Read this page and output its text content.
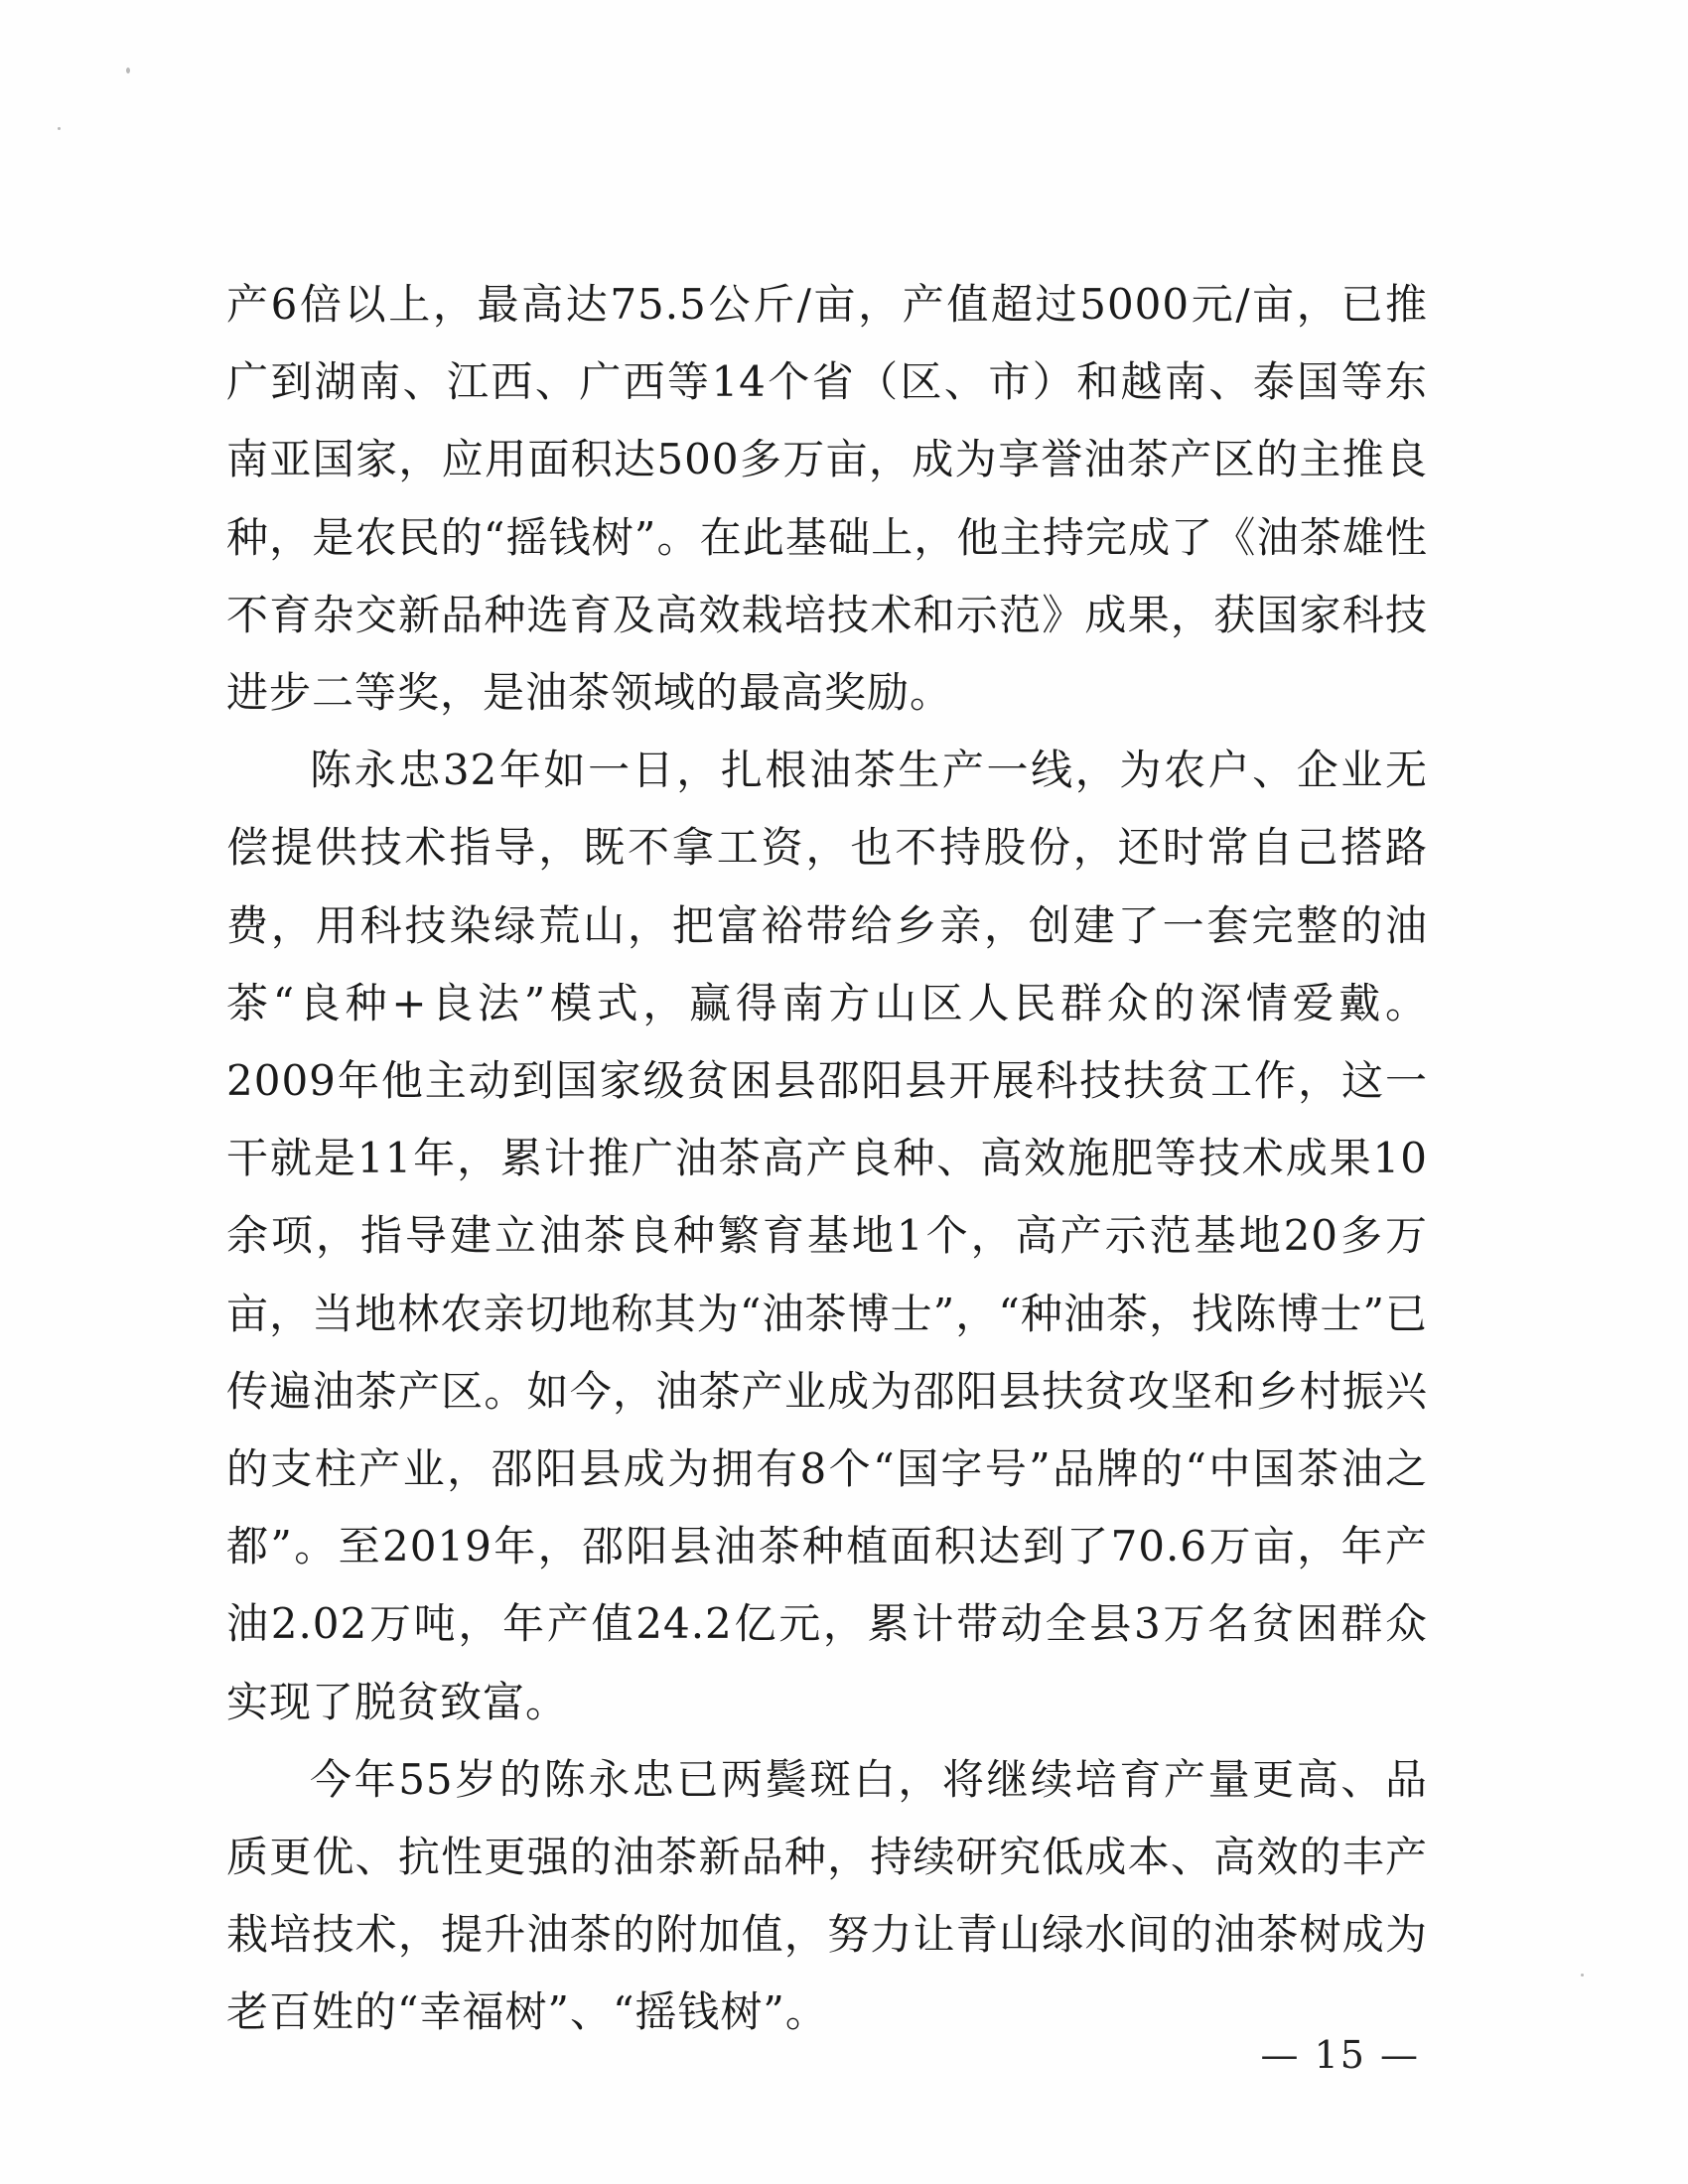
产6倍以上，最高达75.5公斤/亩，产值超过5000元/亩，已推广到湖南、江西、广西等14个省（区、市）和越南、泰国等东南亚国家，应用面积达500多万亩，成为享誉油茶产区的主推良种，是农民的“摇钱树”。在此基础上，他主持完成了《油茶雄性不育杂交新品种选育及高效栽培技术和示范》成果，获国家科技进步二等奖，是油茶领域的最高奖励。

陈永忠32年如一日，扎根油茶生产一线，为农户、企业无偿提供技术指导，既不拿工资，也不持股份，还时常自己搭路费，用科技染绿荒山，把富裕带给乡亲，创建了一套完整的油茶“良种+良法”模式，赢得南方山区人民群众的深情爱戴。2009年他主动到国家级贫困县邵阳县开展科技扶贫工作，这一干就是11年，累计推广油茶高产良种、高效施肥等技术成果10余项，指导建立油茶良种繁育基地1个，高产示范基地20多万亩，当地林农亲切地称其为“油茶博士”，“种油茶，找陈博士”已传遍油茶产区。如今，油茶产业成为邵阳县扶贫攻坚和乡村振兴的支柱产业，邵阳县成为拥有8个“国字号”品牌的“中国茶油之都”。至2019年，邵阳县油茶种植面积达到了70.6万亩，年产油2.02万吨，年产值24.2亿元，累计带动全县3万名贫困群众实现了脱贫致富。

今年55岁的陈永忠已两鬓斑白，将继续培育产量更高、品质更优、抗性更强的油茶新品种，持续研究低成本、高效的丰产栽培技术，提升油茶的附加值，努力让青山绿水间的油茶树成为老百姓的“幸福树”、“摇钱树”。

— 15 —
